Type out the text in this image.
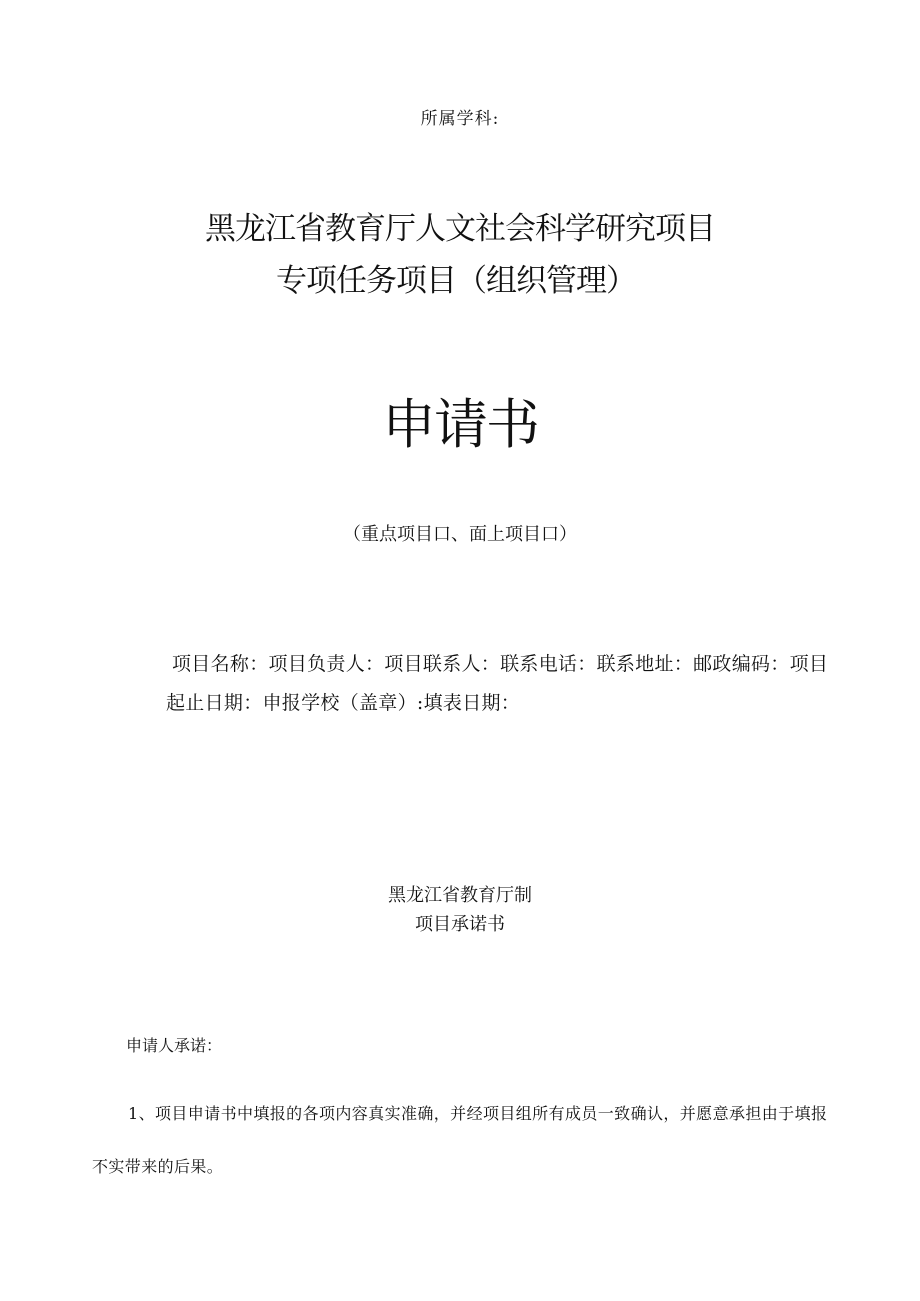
所属学科:
黑龙江省教育厅人文社会科学研究项目
专项任务项目（组织管理）
申请书
（重点项目口、面上项目口）
项目名称：项目负责人：项目联系人：联系电话：联系地址：邮政编码：项目起止日期：申报学校（盖章）:填表日期：
黑龙江省教育厅制
项目承诺书
申请人承诺：
1、项目申请书中填报的各项内容真实准确，并经项目组所有成员一致确认，并愿意承担由于填报不实带来的后果。
